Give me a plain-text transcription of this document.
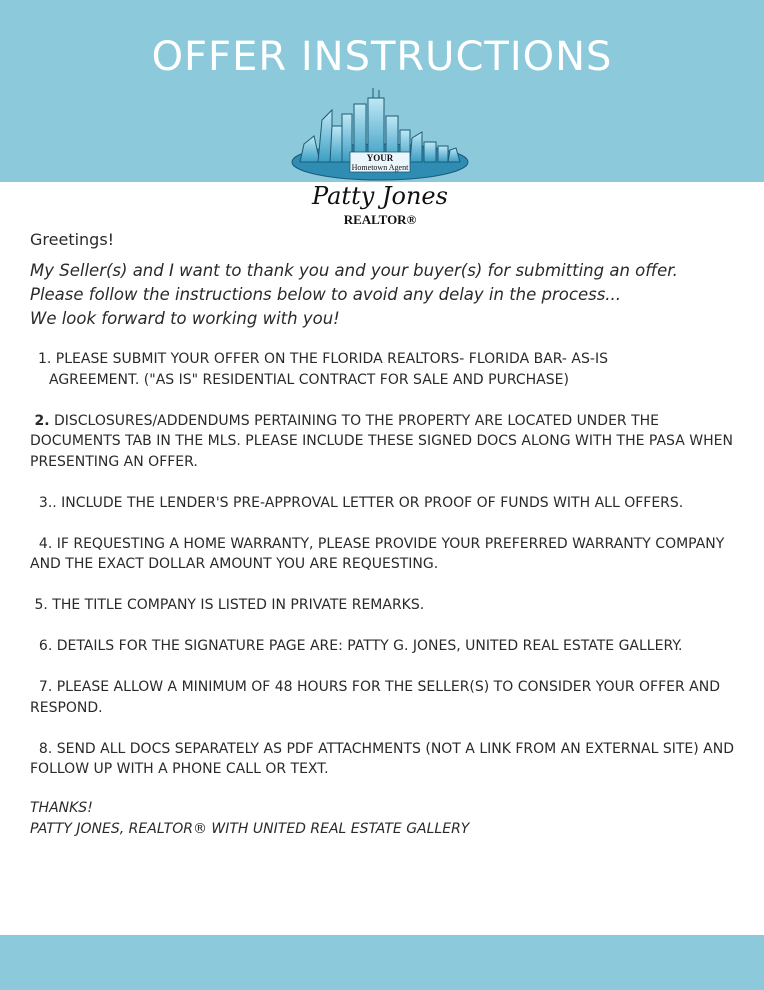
OFFER INSTRUCTIONS
YOUR
Hometown Agent
Patty Jones
REALTOR®
Greetings!
My Seller(s) and I want to thank you and your buyer(s) for submitting an offer.
Please follow the instructions below to avoid any delay in the process...
We look forward to working with you!
1. PLEASE SUBMIT YOUR OFFER ON THE FLORIDA REALTORS- FLORIDA BAR- AS-IS
AGREEMENT. ("AS IS" RESIDENTIAL CONTRACT FOR SALE AND PURCHASE)
2. DISCLOSURES/ADDENDUMS PERTAINING TO THE PROPERTY ARE LOCATED UNDER THE DOCUMENTS TAB IN THE MLS. PLEASE INCLUDE THESE SIGNED DOCS ALONG WITH THE PASA WHEN PRESENTING AN OFFER.
3.. INCLUDE THE LENDER'S PRE-APPROVAL LETTER OR PROOF OF FUNDS WITH ALL OFFERS.
4. IF REQUESTING A HOME WARRANTY, PLEASE PROVIDE YOUR PREFERRED WARRANTY COMPANY AND THE EXACT DOLLAR AMOUNT YOU ARE REQUESTING.
5. THE TITLE COMPANY IS LISTED IN PRIVATE REMARKS.
6. DETAILS FOR THE SIGNATURE PAGE ARE: PATTY G. JONES, UNITED REAL ESTATE GALLERY.
7. PLEASE ALLOW A MINIMUM OF 48 HOURS FOR THE SELLER(S) TO CONSIDER YOUR OFFER AND RESPOND.
8. SEND ALL DOCS SEPARATELY AS PDF ATTACHMENTS (NOT A LINK FROM AN EXTERNAL SITE) AND FOLLOW UP WITH A PHONE CALL OR TEXT.
THANKS!
PATTY JONES, REALTOR® WITH UNITED REAL ESTATE GALLERY
